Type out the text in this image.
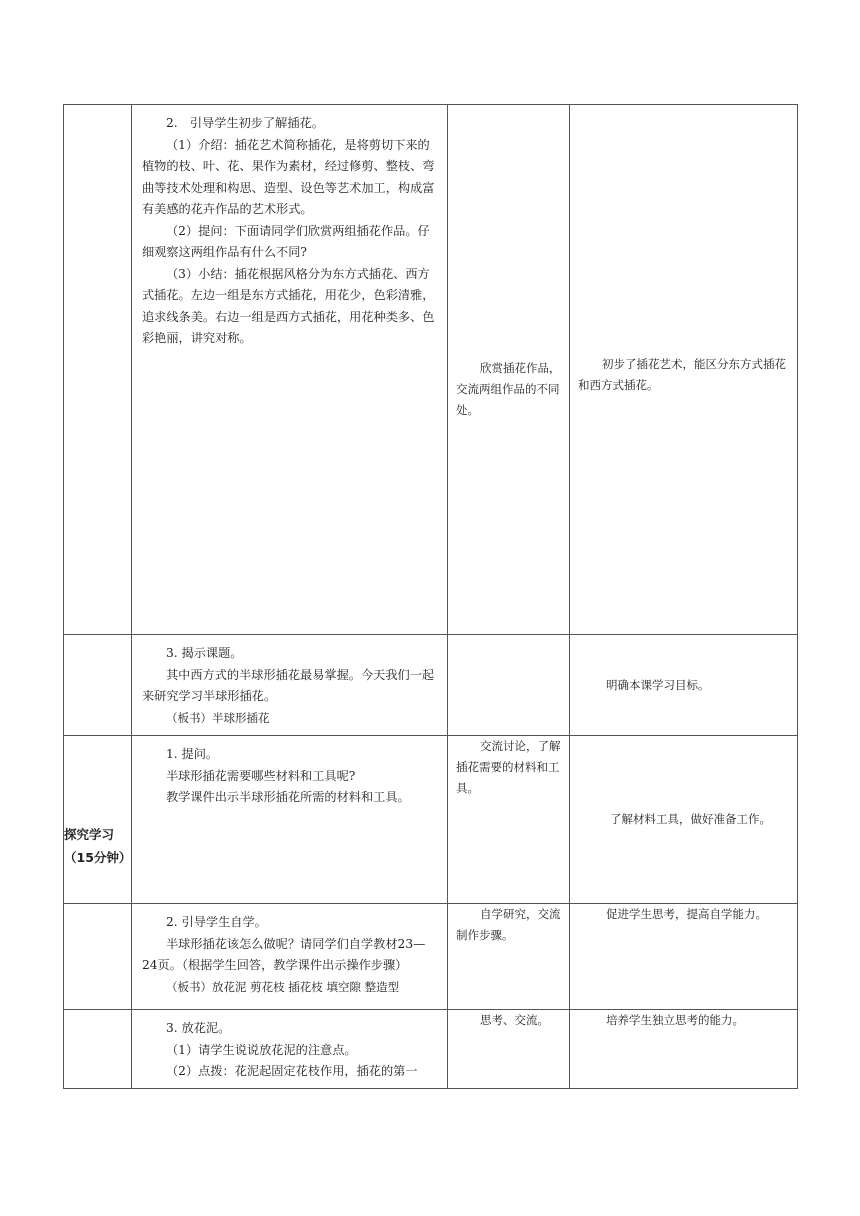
	2.　引导学生初步了解插花。

（1）介绍：插花艺术简称插花，是将剪切下来的植物的枝、叶、花、果作为素材，经过修剪、整枝、弯曲等技术处理和构思、造型、设色等艺术加工，构成富有美感的花卉作品的艺术形式。

（2）提问：下面请同学们欣赏两组插花作品。仔细观察这两组作品有什么不同?

（3）小结：插花根据风格分为东方式插花、西方式插花。左边一组是东方式插花，用花少，色彩清雅，追求线条美。右边一组是西方式插花，用花种类多、色彩艳丽，讲究对称。	欣赏插花作品，交流两组作品的不同处。	初步了插花艺术，能区分东方式插花和西方式插花。

	3. 揭示课题。

其中西方式的半球形插花最易掌握。今天我们一起来研究学习半球形插花。

（板书）半球形插花		明确本课学习目标。

探究学习（15分钟）	1. 提问。

半球形插花需要哪些材料和工具呢?

教学课件出示半球形插花所需的材料和工具。	交流讨论，了解插花需要的材料和工具。	了解材料工具，做好准备工作。

	2. 引导学生自学。

半球形插花该怎么做呢？请同学们自学教材23—24页。（根据学生回答，教学课件出示操作步骤）

（板书）放花泥 剪花枝 插花枝 填空隙 整造型	自学研究，交流制作步骤。	促进学生思考，提高自学能力。

	3. 放花泥。

（1）请学生说说放花泥的注意点。

（2）点拨：花泥起固定花枝作用，插花的第一	思考、交流。	培养学生独立思考的能力。
